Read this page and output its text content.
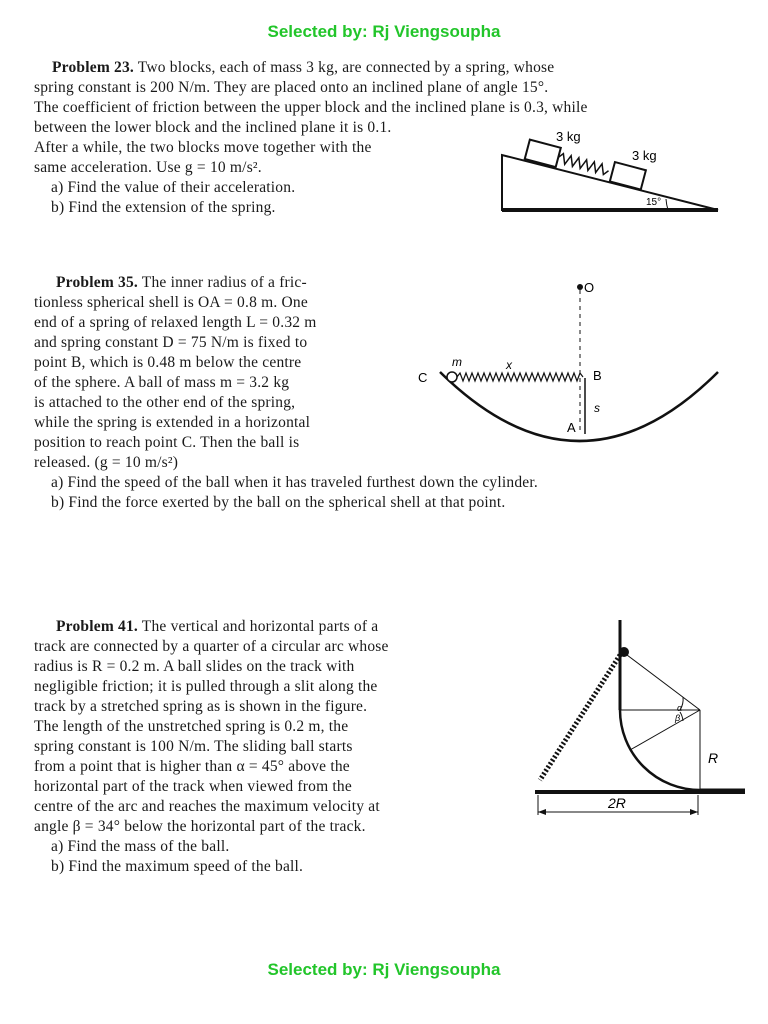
Selected by: Rj Viengsoupha
Selected by: Rj Viengsoupha
Problem 23. Two blocks, each of mass 3 kg, are connected by a spring, whose
spring constant is 200 N/m. They are placed onto an inclined plane of angle 15°.
The coefficient of friction between the upper block and the inclined plane is 0.3, while
between the lower block and the inclined plane it is 0.1.
After a while, the two blocks move together with the
same acceleration. Use g = 10 m/s².
a) Find the value of their acceleration.
b) Find the extension of the spring.
3 kg
3 kg
15°
Problem 35. The inner radius of a fric-
tionless spherical shell is OA = 0.8 m. One
end of a spring of relaxed length L = 0.32 m
and spring constant D = 75 N/m is fixed to
point B, which is 0.48 m below the centre
of the sphere. A ball of mass m = 3.2 kg
is attached to the other end of the spring,
while the spring is extended in a horizontal
position to reach point C. Then the ball is
released. (g = 10 m/s²)
a) Find the speed of the ball when it has traveled furthest down the cylinder.
b) Find the force exerted by the ball on the spherical shell at that point.
O
m	x
C	B
s
A
Problem 41. The vertical and horizontal parts of a
track are connected by a quarter of a circular arc whose
radius is R = 0.2 m. A ball slides on the track with
negligible friction; it is pulled through a slit along the
track by a stretched spring as is shown in the figure.
The length of the unstretched spring is 0.2 m, the
spring constant is 100 N/m. The sliding ball starts
from a point that is higher than α = 45° above the
horizontal part of the track when viewed from the
centre of the arc and reaches the maximum velocity at
angle β = 34° below the horizontal part of the track.
a) Find the mass of the ball.
b) Find the maximum speed of the ball.
α
β
R
2R
